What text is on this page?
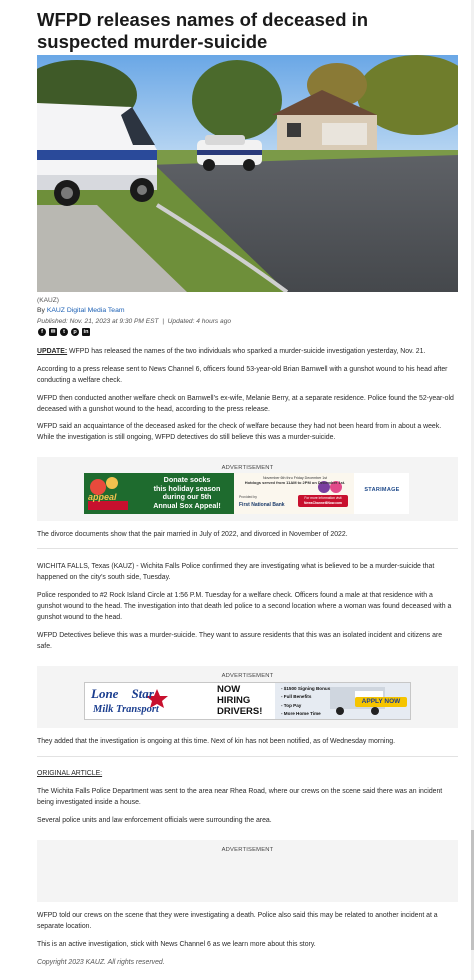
WFPD releases names of deceased in suspected murder-suicide
(KAUZ)
By KAUZ Digital Media Team
Published: Nov. 21, 2023 at 9:30 PM EST | Updated: 4 hours ago
f	✉	t	p	in

UPDATE: WFPD has released the names of the two individuals who sparked a murder-suicide investigation yesterday, Nov. 21.

According to a press release sent to News Channel 6, officers found 53-year-old Brian Barnwell with a gunshot wound to his head after conducting a welfare check.

WFPD then conducted another welfare check on Barnwell’s ex-wife, Melanie Berry, at a separate residence. Police found the 52-year-old deceased with a gunshot wound to the head, according to the press release.

WFPD said an acquaintance of the deceased asked for the check of welfare because they had not been heard from in about a week. While the investigation is still ongoing, WFPD detectives do still believe this was a murder-suicide.

ADVERTISEMENT
appeal
Donate socks
this holiday season
during our 5th
Annual Sox Appeal!
November 6th thru Friday December 1st
Hotdogs served from 11AM to 2PM on December 1st.
Provided by
First National Bank
For more information visit
NewsChannel6Now.com
STARIMAGE

The divorce documents show that the pair married in July of 2022, and divorced in November of 2022.

WICHITA FALLS, Texas (KAUZ) - Wichita Falls Police confirmed they are investigating what is believed to be a murder-suicide that happened on the city’s south side, Tuesday.

Police responded to #2 Rock Island Circle at 1:56 P.M. Tuesday for a welfare check. Officers found a male at that residence with a gunshot wound to the head. The investigation into that death led police to a second location where a woman was found deceased with a gunshot wound to the head.

WFPD Detectives believe this was a murder-suicide. They want to assure residents that this was an isolated incident and citizens are safe.

ADVERTISEMENT
Lone Star
Milk Transport
NOW
HIRING
DRIVERS!
- $1500 Signing Bonus
- Full Benefits
- Top Pay
- More Home Time
APPLY NOW

They added that the investigation is ongoing at this time. Next of kin has not been notified, as of Wednesday morning.

ORIGINAL ARTICLE:

The Wichita Falls Police Department was sent to the area near Rhea Road, where our crews on the scene said there was an incident being investigated inside a house.

Several police units and law enforcement officials were surrounding the area.

ADVERTISEMENT

WFPD told our crews on the scene that they were investigating a death. Police also said this may be related to another incident at a separate location.

This is an active investigation, stick with News Channel 6 as we learn more about this story.

Copyright 2023 KAUZ. All rights reserved.
